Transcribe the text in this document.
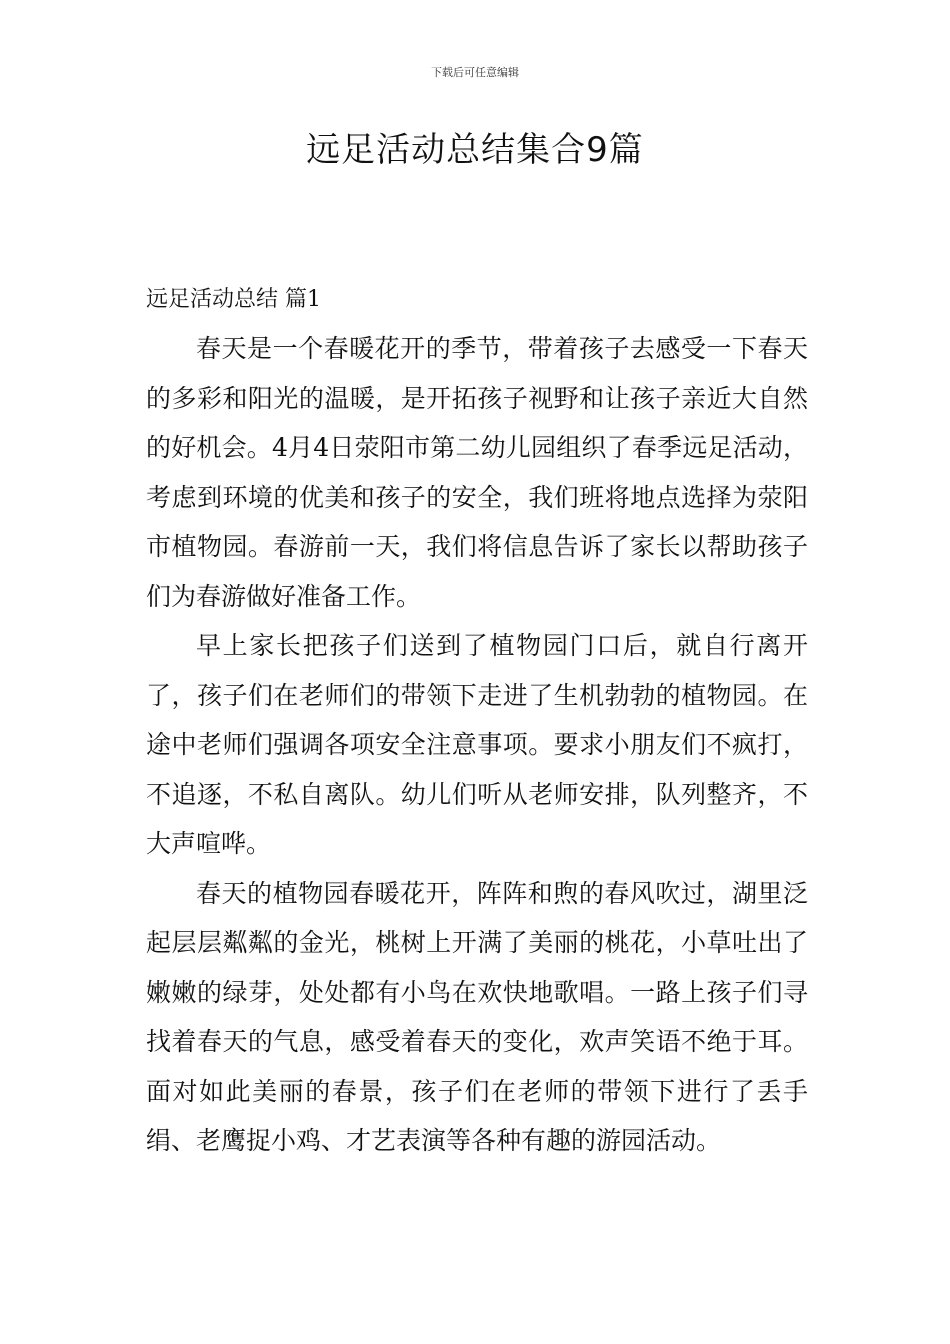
下载后可任意编辑
远足活动总结集合9篇
远足活动总结 篇1

春天是一个春暖花开的季节，带着孩子去感受一下春天的多彩和阳光的温暖，是开拓孩子视野和让孩子亲近大自然的好机会。4月4日荥阳市第二幼儿园组织了春季远足活动，考虑到环境的优美和孩子的安全，我们班将地点选择为荥阳市植物园。春游前一天，我们将信息告诉了家长以帮助孩子们为春游做好准备工作。

早上家长把孩子们送到了植物园门口后，就自行离开了，孩子们在老师们的带领下走进了生机勃勃的植物园。在途中老师们强调各项安全注意事项。要求小朋友们不疯打，不追逐，不私自离队。幼儿们听从老师安排，队列整齐，不大声喧哗。

春天的植物园春暖花开，阵阵和煦的春风吹过，湖里泛起层层粼粼的金光，桃树上开满了美丽的桃花，小草吐出了嫩嫩的绿芽，处处都有小鸟在欢快地歌唱。一路上孩子们寻找着春天的气息，感受着春天的变化，欢声笑语不绝于耳。面对如此美丽的春景，孩子们在老师的带领下进行了丢手绢、老鹰捉小鸡、才艺表演等各种有趣的游园活动。
